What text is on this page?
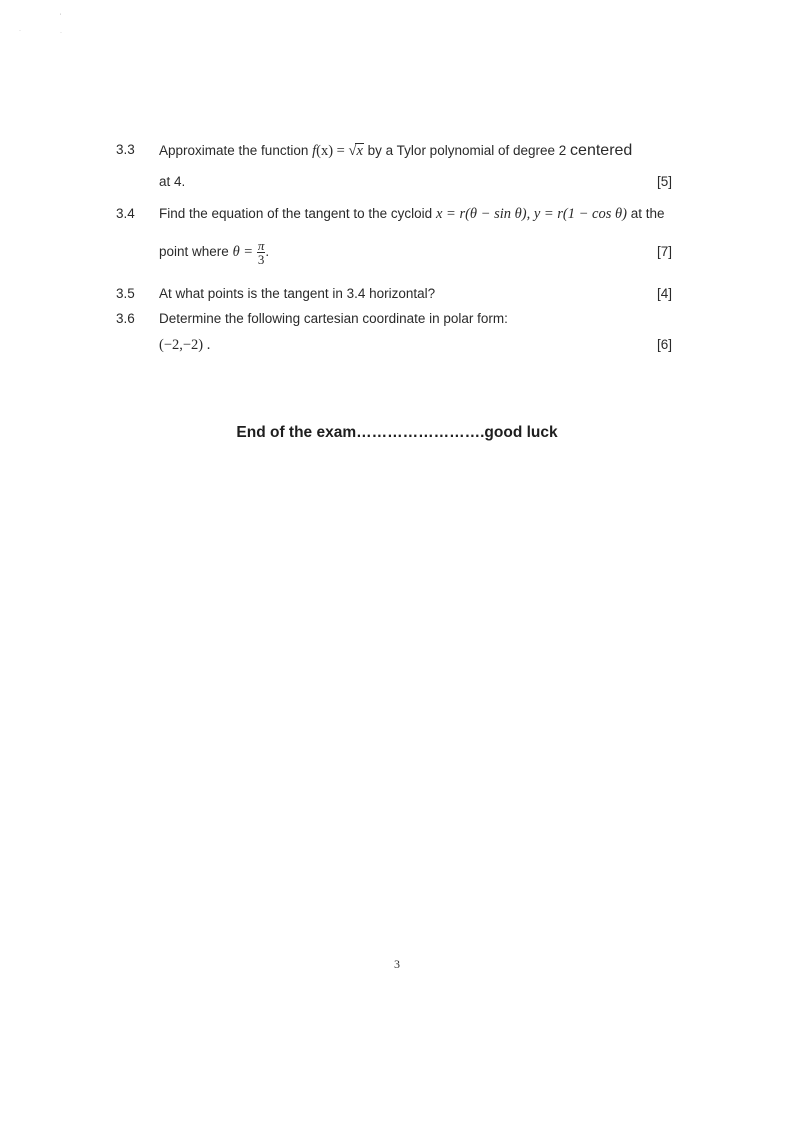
'
·
·
3.3 Approximate the function f(x) = √x by a Tylor polynomial of degree 2 centered
at 4.	[5]
3.4 Find the equation of the tangent to the cycloid x = r(θ − sin θ), y = r(1 − cos θ) at the
point where $\theta = \frac{\pi}{3}$ .	[7]
3.5 At what points is the tangent in 3.4 horizontal?	[4]
3.6 Determine the following cartesian coordinate in polar form:
(−2,−2) .	[6]
End of the exam…………………….good luck
3
